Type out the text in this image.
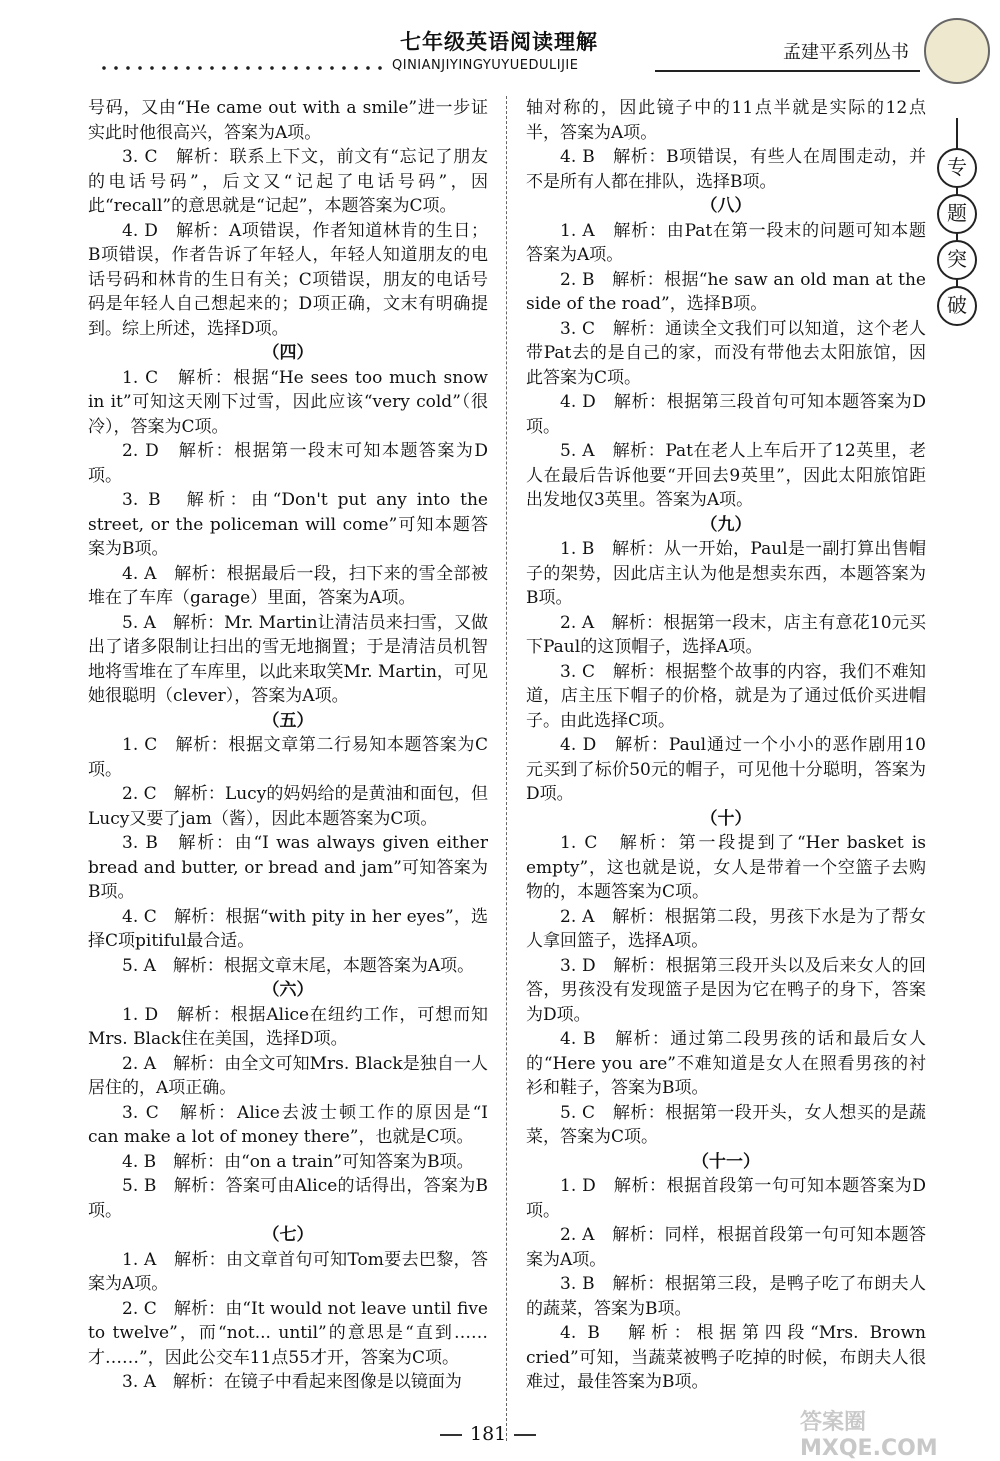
七年级英语阅读理解
QINIANJIYINGYUYUEDULIJIE
孟建平系列丛书
专
题
突
破

号码，又由“He came out with a smile”进一步证实此时他很高兴，答案为A项。

3. C　解析：联系上下文，前文有“忘记了朋友的电话号码”，后文又“记起了电话号码”，因此“recall”的意思就是“记起”，本题答案为C项。

4. D　解析：A项错误，作者知道林肯的生日；B项错误，作者告诉了年轻人，年轻人知道朋友的电话号码和林肯的生日有关；C项错误，朋友的电话号码是年轻人自己想起来的；D项正确，文末有明确提到。综上所述，选择D项。

（四）

1. C　解析：根据“He sees too much snow in it”可知这天刚下过雪，因此应该“very cold”（很冷），答案为C项。

2. D　解析：根据第一段末可知本题答案为D项。

3. B　解析：由“Don't put any into the street, or the policeman will come”可知本题答案为B项。

4. A　解析：根据最后一段，扫下来的雪全部被堆在了车库（garage）里面，答案为A项。

5. A　解析：Mr. Martin让清洁员来扫雪，又做出了诸多限制让扫出的雪无地搁置；于是清洁员机智地将雪堆在了车库里，以此来取笑Mr. Martin，可见她很聪明（clever），答案为A项。

（五）

1. C　解析：根据文章第二行易知本题答案为C项。

2. C　解析：Lucy的妈妈给的是黄油和面包，但Lucy又要了jam（酱），因此本题答案为C项。

3. B　解析：由“I was always given either bread and butter, or bread and jam”可知答案为B项。

4. C　解析：根据“with pity in her eyes”，选择C项pitiful最合适。

5. A　解析：根据文章末尾，本题答案为A项。

（六）

1. D　解析：根据Alice在纽约工作，可想而知Mrs. Black住在美国，选择D项。

2. A　解析：由全文可知Mrs. Black是独自一人居住的，A项正确。

3. C　解析：Alice去波士顿工作的原因是“I can make a lot of money there”，也就是C项。

4. B　解析：由“on a train”可知答案为B项。

5. B　解析：答案可由Alice的话得出，答案为B项。

（七）

1. A　解析：由文章首句可知Tom要去巴黎，答案为A项。

2. C　解析：由“It would not leave until five to twelve”，而“not... until”的意思是“直到……才……”，因此公交车11点55才开，答案为C项。

3. A　解析：在镜子中看起来图像是以镜面为

轴对称的，因此镜子中的11点半就是实际的12点半，答案为A项。

4. B　解析：B项错误，有些人在周围走动，并不是所有人都在排队，选择B项。

（八）

1. A　解析：由Pat在第一段末的问题可知本题答案为A项。

2. B　解析：根据“he saw an old man at the side of the road”，选择B项。

3. C　解析：通读全文我们可以知道，这个老人带Pat去的是自己的家，而没有带他去太阳旅馆，因此答案为C项。

4. D　解析：根据第三段首句可知本题答案为D项。

5. A　解析：Pat在老人上车后开了12英里，老人在最后告诉他要“开回去9英里”，因此太阳旅馆距出发地仅3英里。答案为A项。

（九）

1. B　解析：从一开始，Paul是一副打算出售帽子的架势，因此店主认为他是想卖东西，本题答案为B项。

2. A　解析：根据第一段末，店主有意花10元买下Paul的这顶帽子，选择A项。

3. C　解析：根据整个故事的内容，我们不难知道，店主压下帽子的价格，就是为了通过低价买进帽子。由此选择C项。

4. D　解析：Paul通过一个小小的恶作剧用10元买到了标价50元的帽子，可见他十分聪明，答案为D项。

（十）

1. C　解析：第一段提到了“Her basket is empty”，这也就是说，女人是带着一个空篮子去购物的，本题答案为C项。

2. A　解析：根据第二段，男孩下水是为了帮女人拿回篮子，选择A项。

3. D　解析：根据第三段开头以及后来女人的回答，男孩没有发现篮子是因为它在鸭子的身下，答案为D项。

4. B　解析：通过第二段男孩的话和最后女人的“Here you are”不难知道是女人在照看男孩的衬衫和鞋子，答案为B项。

5. C　解析：根据第一段开头，女人想买的是蔬菜，答案为C项。

（十一）

1. D　解析：根据首段第一句可知本题答案为D项。

2. A　解析：同样，根据首段第一句可知本题答案为A项。

3. B　解析：根据第三段，是鸭子吃了布朗夫人的蔬菜，答案为B项。

4. B　解析：根据第四段“Mrs. Brown cried”可知，当蔬菜被鸭子吃掉的时候，布朗夫人很难过，最佳答案为B项。

181	答案圈 MXQE.COM
